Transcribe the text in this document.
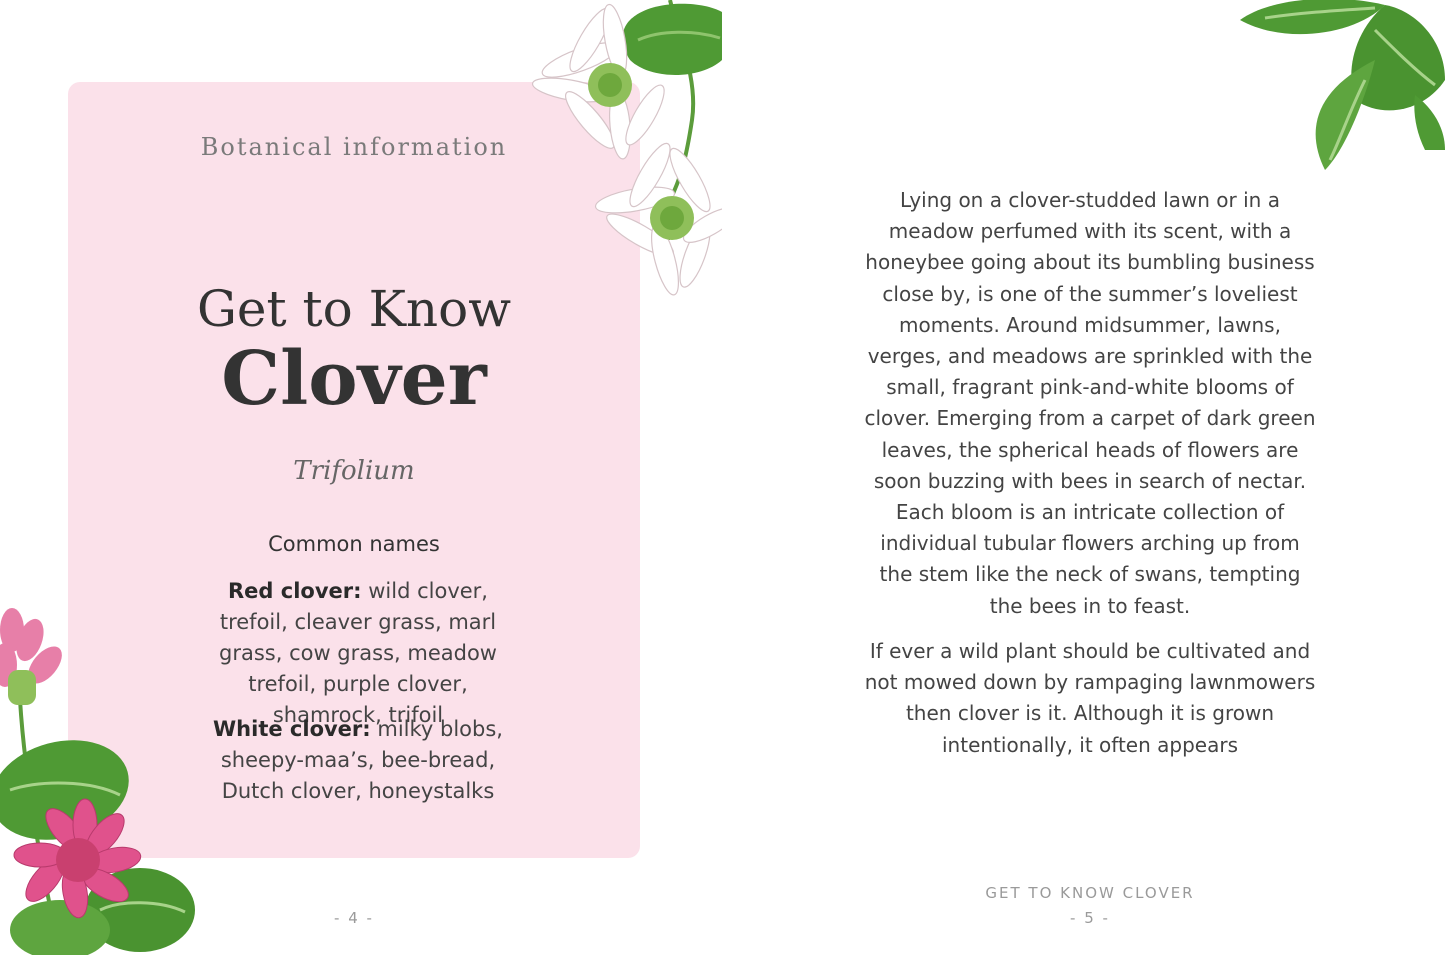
Botanical information
Get to Know
Clover
Trifolium
Common names

Red clover: wild clover, trefoil, cleaver grass, marl grass, cow grass, meadow trefoil, purple clover, shamrock, trifoil

White clover: milky blobs, sheepy-maa’s, bee-bread, Dutch clover, honeystalks

- 4 -

Lying on a clover-studded lawn or in a meadow perfumed with its scent, with a honeybee going about its bumbling business close by, is one of the summer’s loveliest moments. Around midsummer, lawns, verges, and meadows are sprinkled with the small, fragrant pink-and-white blooms of clover. Emerging from a carpet of dark green leaves, the spherical heads of flowers are soon buzzing with bees in search of nectar. Each bloom is an intricate collection of individual tubular flowers arching up from the stem like the neck of swans, tempting the bees in to feast.

If ever a wild plant should be cultivated and not mowed down by rampaging lawnmowers then clover is it. Although it is grown intentionally, it often appears

GET TO KNOW CLOVER
- 5 -
